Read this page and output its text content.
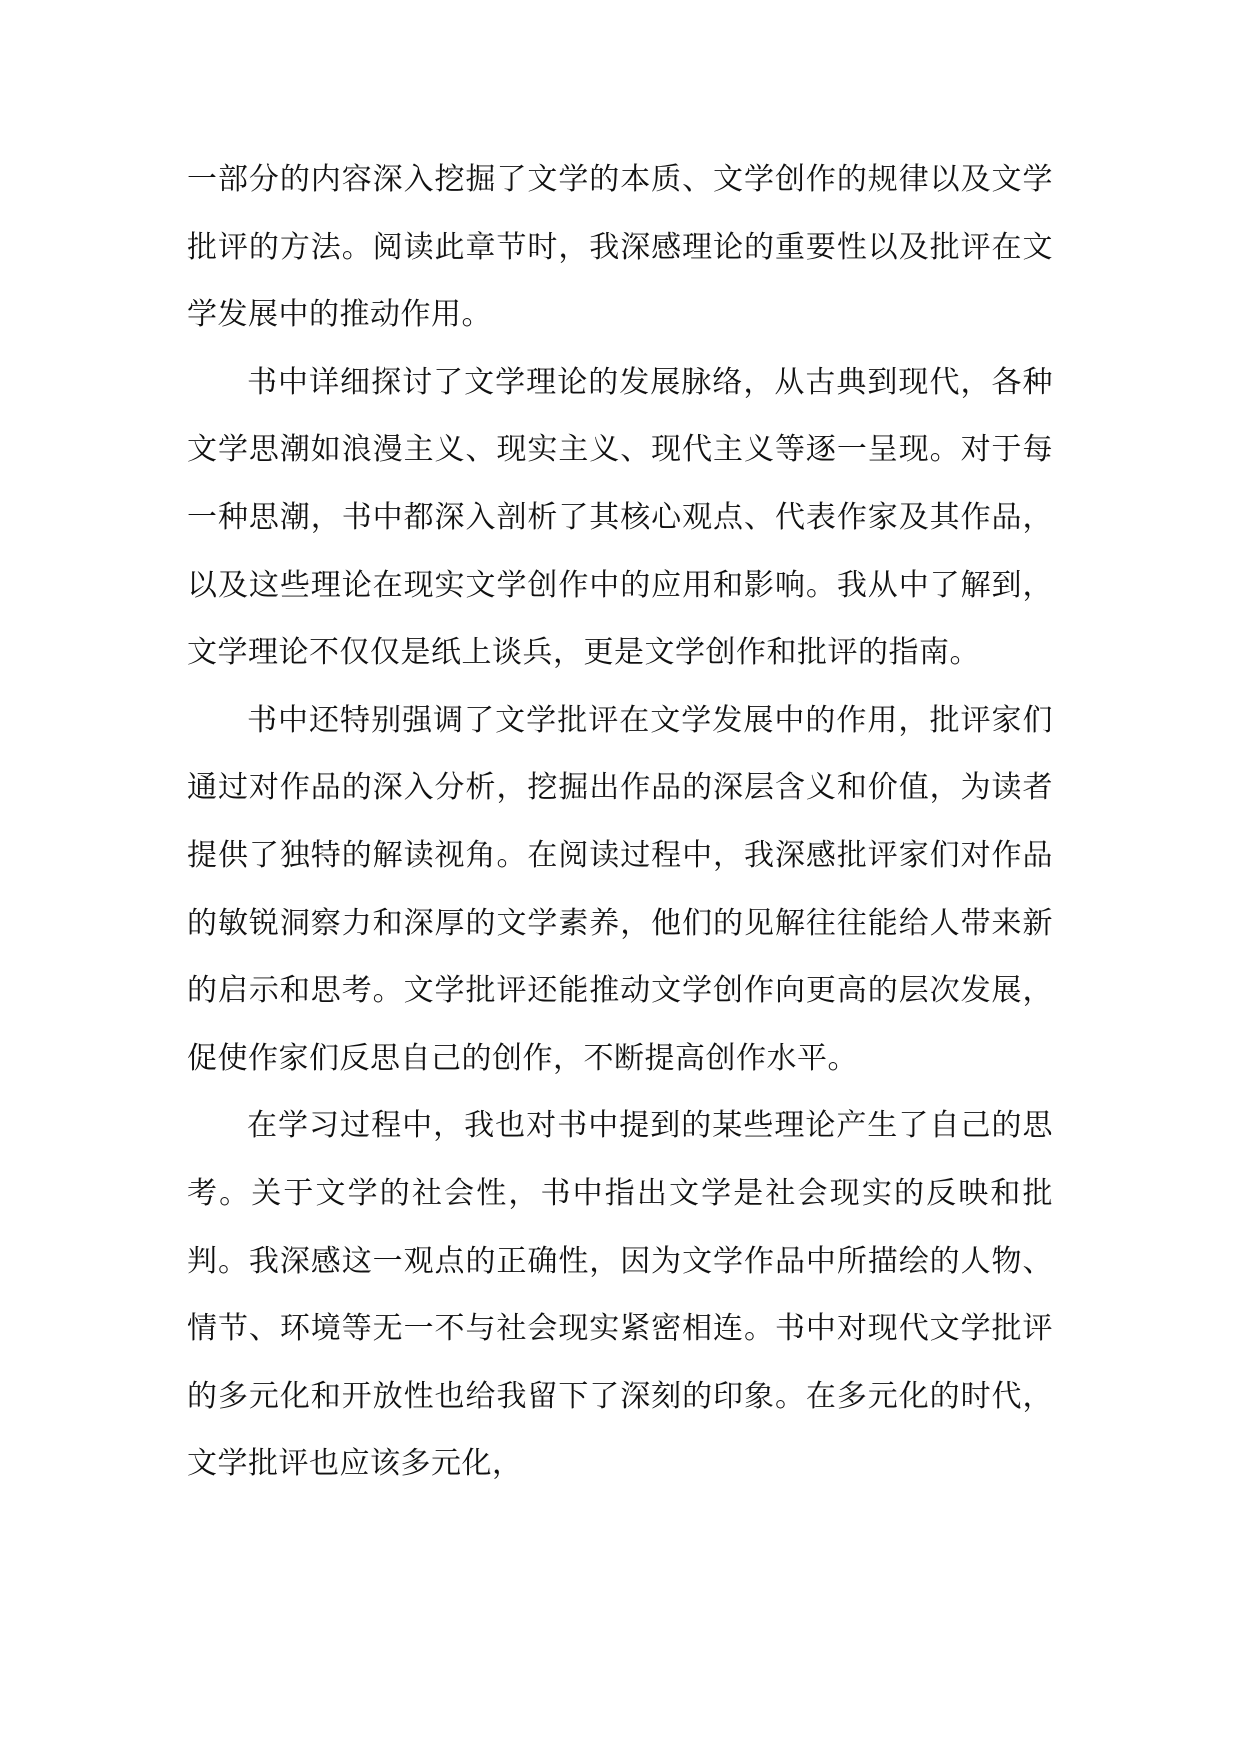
一部分的内容深入挖掘了文学的本质、文学创作的规律以及文学批评的方法。阅读此章节时，我深感理论的重要性以及批评在文学发展中的推动作用。

书中详细探讨了文学理论的发展脉络，从古典到现代，各种文学思潮如浪漫主义、现实主义、现代主义等逐一呈现。对于每一种思潮，书中都深入剖析了其核心观点、代表作家及其作品，以及这些理论在现实文学创作中的应用和影响。我从中了解到，文学理论不仅仅是纸上谈兵，更是文学创作和批评的指南。

书中还特别强调了文学批评在文学发展中的作用，批评家们通过对作品的深入分析，挖掘出作品的深层含义和价值，为读者提供了独特的解读视角。在阅读过程中，我深感批评家们对作品的敏锐洞察力和深厚的文学素养，他们的见解往往能给人带来新的启示和思考。文学批评还能推动文学创作向更高的层次发展，促使作家们反思自己的创作，不断提高创作水平。

在学习过程中，我也对书中提到的某些理论产生了自己的思考。关于文学的社会性，书中指出文学是社会现实的反映和批判。我深感这一观点的正确性，因为文学作品中所描绘的人物、情节、环境等无一不与社会现实紧密相连。书中对现代文学批评的多元化和开放性也给我留下了深刻的印象。在多元化的时代，文学批评也应该多元化，
